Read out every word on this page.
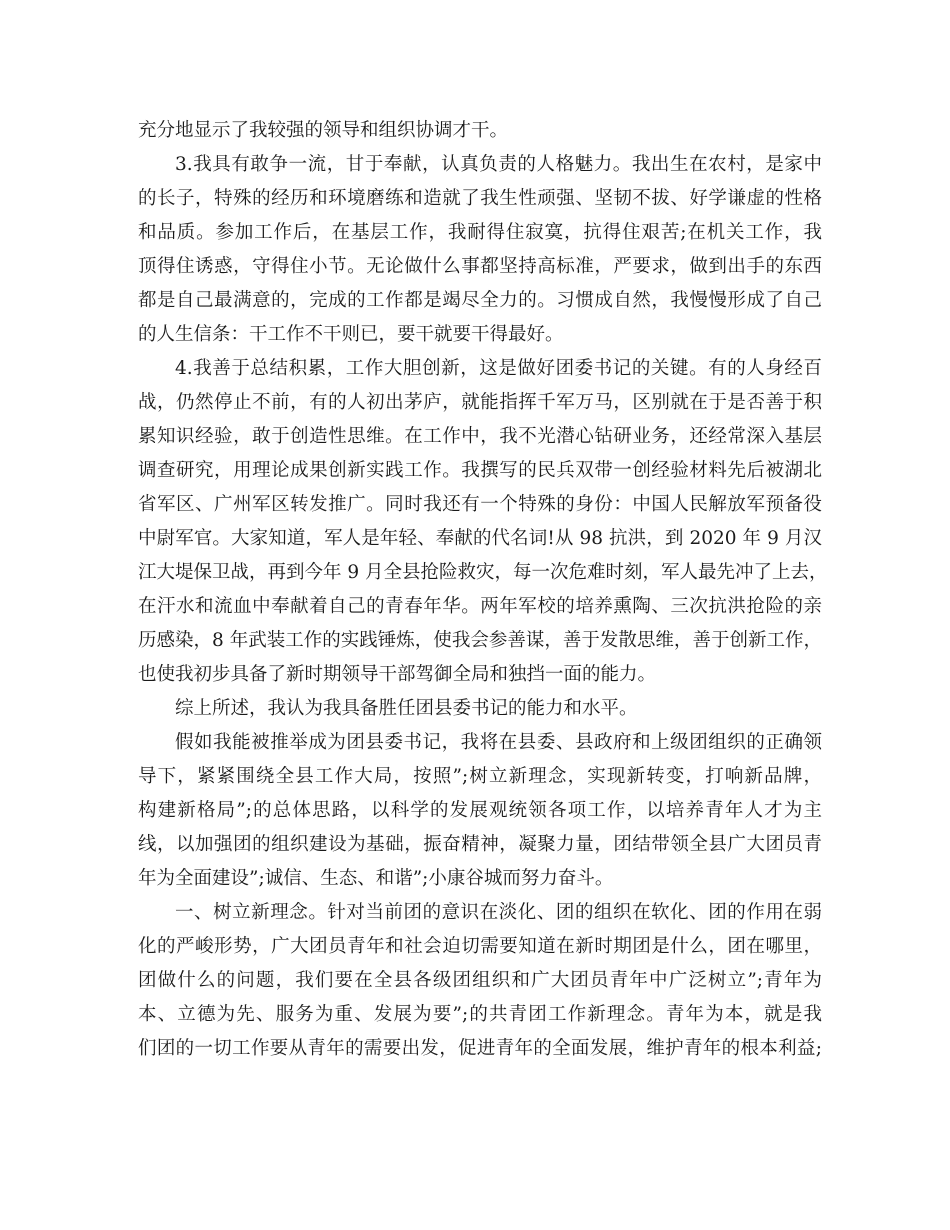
充分地显示了我较强的领导和组织协调才干。
3.我具有敢争一流，甘于奉献，认真负责的人格魅力。我出生在农村，是家中
的长子，特殊的经历和环境磨练和造就了我生性顽强、坚韧不拔、好学谦虚的性格
和品质。参加工作后，在基层工作，我耐得住寂寞，抗得住艰苦;在机关工作，我
顶得住诱惑，守得住小节。无论做什么事都坚持高标准，严要求，做到出手的东西
都是自己最满意的，完成的工作都是竭尽全力的。习惯成自然，我慢慢形成了自己
的人生信条：干工作不干则已，要干就要干得最好。
4.我善于总结积累，工作大胆创新，这是做好团委书记的关键。有的人身经百
战，仍然停止不前，有的人初出茅庐，就能指挥千军万马，区别就在于是否善于积
累知识经验，敢于创造性思维。在工作中，我不光潜心钻研业务，还经常深入基层
调查研究，用理论成果创新实践工作。我撰写的民兵双带一创经验材料先后被湖北
省军区、广州军区转发推广。同时我还有一个特殊的身份：中国人民解放军预备役
中尉军官。大家知道，军人是年轻、奉献的代名词!从 98 抗洪，到 2020 年 9 月汉
江大堤保卫战，再到今年 9 月全县抢险救灾，每一次危难时刻，军人最先冲了上去，
在汗水和流血中奉献着自己的青春年华。两年军校的培养熏陶、三次抗洪抢险的亲
历感染，8 年武装工作的实践锤炼，使我会参善谋，善于发散思维，善于创新工作，
也使我初步具备了新时期领导干部驾御全局和独挡一面的能力。
综上所述，我认为我具备胜任团县委书记的能力和水平。
假如我能被推举成为团县委书记，我将在县委、县政府和上级团组织的正确领
导下，紧紧围绕全县工作大局，按照”;树立新理念，实现新转变，打响新品牌，
构建新格局”;的总体思路，以科学的发展观统领各项工作，以培养青年人才为主
线，以加强团的组织建设为基础，振奋精神，凝聚力量，团结带领全县广大团员青
年为全面建设”;诚信、生态、和谐”;小康谷城而努力奋斗。
一、树立新理念。针对当前团的意识在淡化、团的组织在软化、团的作用在弱
化的严峻形势，广大团员青年和社会迫切需要知道在新时期团是什么，团在哪里，
团做什么的问题，我们要在全县各级团组织和广大团员青年中广泛树立”;青年为
本、立德为先、服务为重、发展为要”;的共青团工作新理念。青年为本，就是我
们团的一切工作要从青年的需要出发，促进青年的全面发展，维护青年的根本利益;
